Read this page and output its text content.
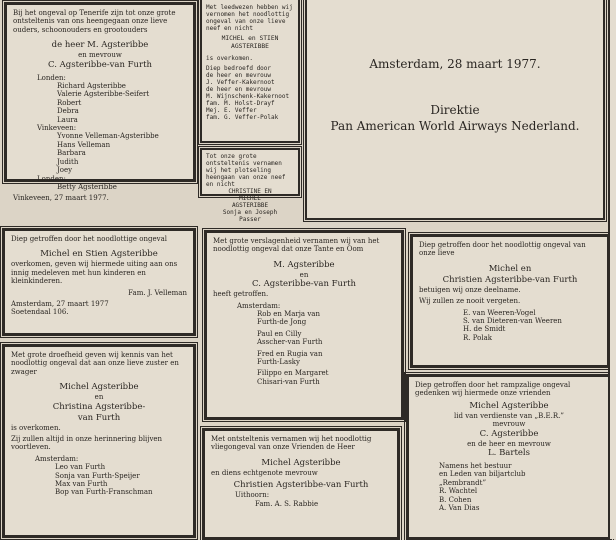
Bij het ongeval op Tenerife zijn tot onze grote ontsteltenis van ons heengegaan onze lieve ouders, schoonouders en grootouders

de heer M. Agsteribbe

en mevrouw

C. Agsteribbe-van Furth

Londen:

Richard Agsteribbe
Valerie Agsteribbe-Seifert
Robert
Debra
Laura

Vinkeveen:

Yvonne Velleman-Agsteribbe
Hans Velleman
Barbara
Judith
Joey

Londen:

Betty Agsteribbe

Vinkeveen, 27 maart 1977.

Met leedwezen hebben wij vernomen het noodlottig ongeval van onze lieve neef en nicht

MICHEL en STIEN
AGSTERIBBE

is overkomen.

Diep bedroefd door
de heer en mevrouw
J. Veffer-Kakernoot
de heer en mevrouw
M. Wijnschenk-Kakernoot
fam. M. Holst-Drayf
Mej. E. Veffer
fam. G. Veffer-Polak

Tot onze grote ontsteltenis vernamen wij het plotseling heengaan van onze neef en nicht

CHRISTINE EN
MICHEL
AGSTERIBBE

Sonja en Joseph
Passer

Amsterdam, 28 maart 1977.

Direktie

Pan American World Airways Nederland.

Diep getroffen door het noodlottige ongeval

Michel en Stien Agsteribbe

overkomen, geven wij hiermede uiting aan ons innig medeleven met hun kinderen en kleinkinderen.

Fam. J. Velleman

Amsterdam, 27 maart 1977
Soetendaal 106.

Met grote verslagenheid vernamen wij van het noodlottig ongeval dat onze Tante en Oom

M. Agsteribbe

en

C. Agsteribbe-van Furth

heeft getroffen.

Amsterdam:

Rob en Marja van
Furth-de Jong

Paul en Cilly
Asscher-van Furth

Fred en Rugia van
Furth-Lasky

Filippo en Margaret
Chisari-van Furth

Diep getroffen door het noodlottig ongeval van onze lieve

Michel en

Christien Agsteribbe-van Furth

betuigen wij onze deelname.

Wij zullen ze nooit vergeten.

E. van Weeren-Vogel
S. van Dieteren-van Weeren
H. de Smidt
R. Polak

Met grote droefheid geven wij kennis van het noodlottig ongeval dat aan onze lieve zuster en zwager

Michel Agsteribbe

en

Christina Agsteribbe-
van Furth

is overkomen.

Zij zullen altijd in onze herinnering blijven voortleven.

Amsterdam:

Leo van Furth
Sonja van Furth-Speijer
Max van Furth
Bop van Furth-Franschman

Met ontsteltenis vernamen wij het noodlottig vliegongeval van onze Vrienden de Heer

Michel Agsteribbe

en diens echtgenote mevrouw

Christien Agsteribbe-van Furth

Uithoorn:

Fam. A. S. Rabbie

Diep getroffen door het rampzalige ongeval gedenken wij hiermede onze vrienden

Michel Agsteribbe

lid van verdienste van „B.E.R.”

mevrouw

C. Agsteribbe

en de heer en mevrouw

L. Bartels

Namens het bestuur
en Leden van biljartclub
„Rembrandt”

R. Wachtel
B. Cohen
A. Van Dias
